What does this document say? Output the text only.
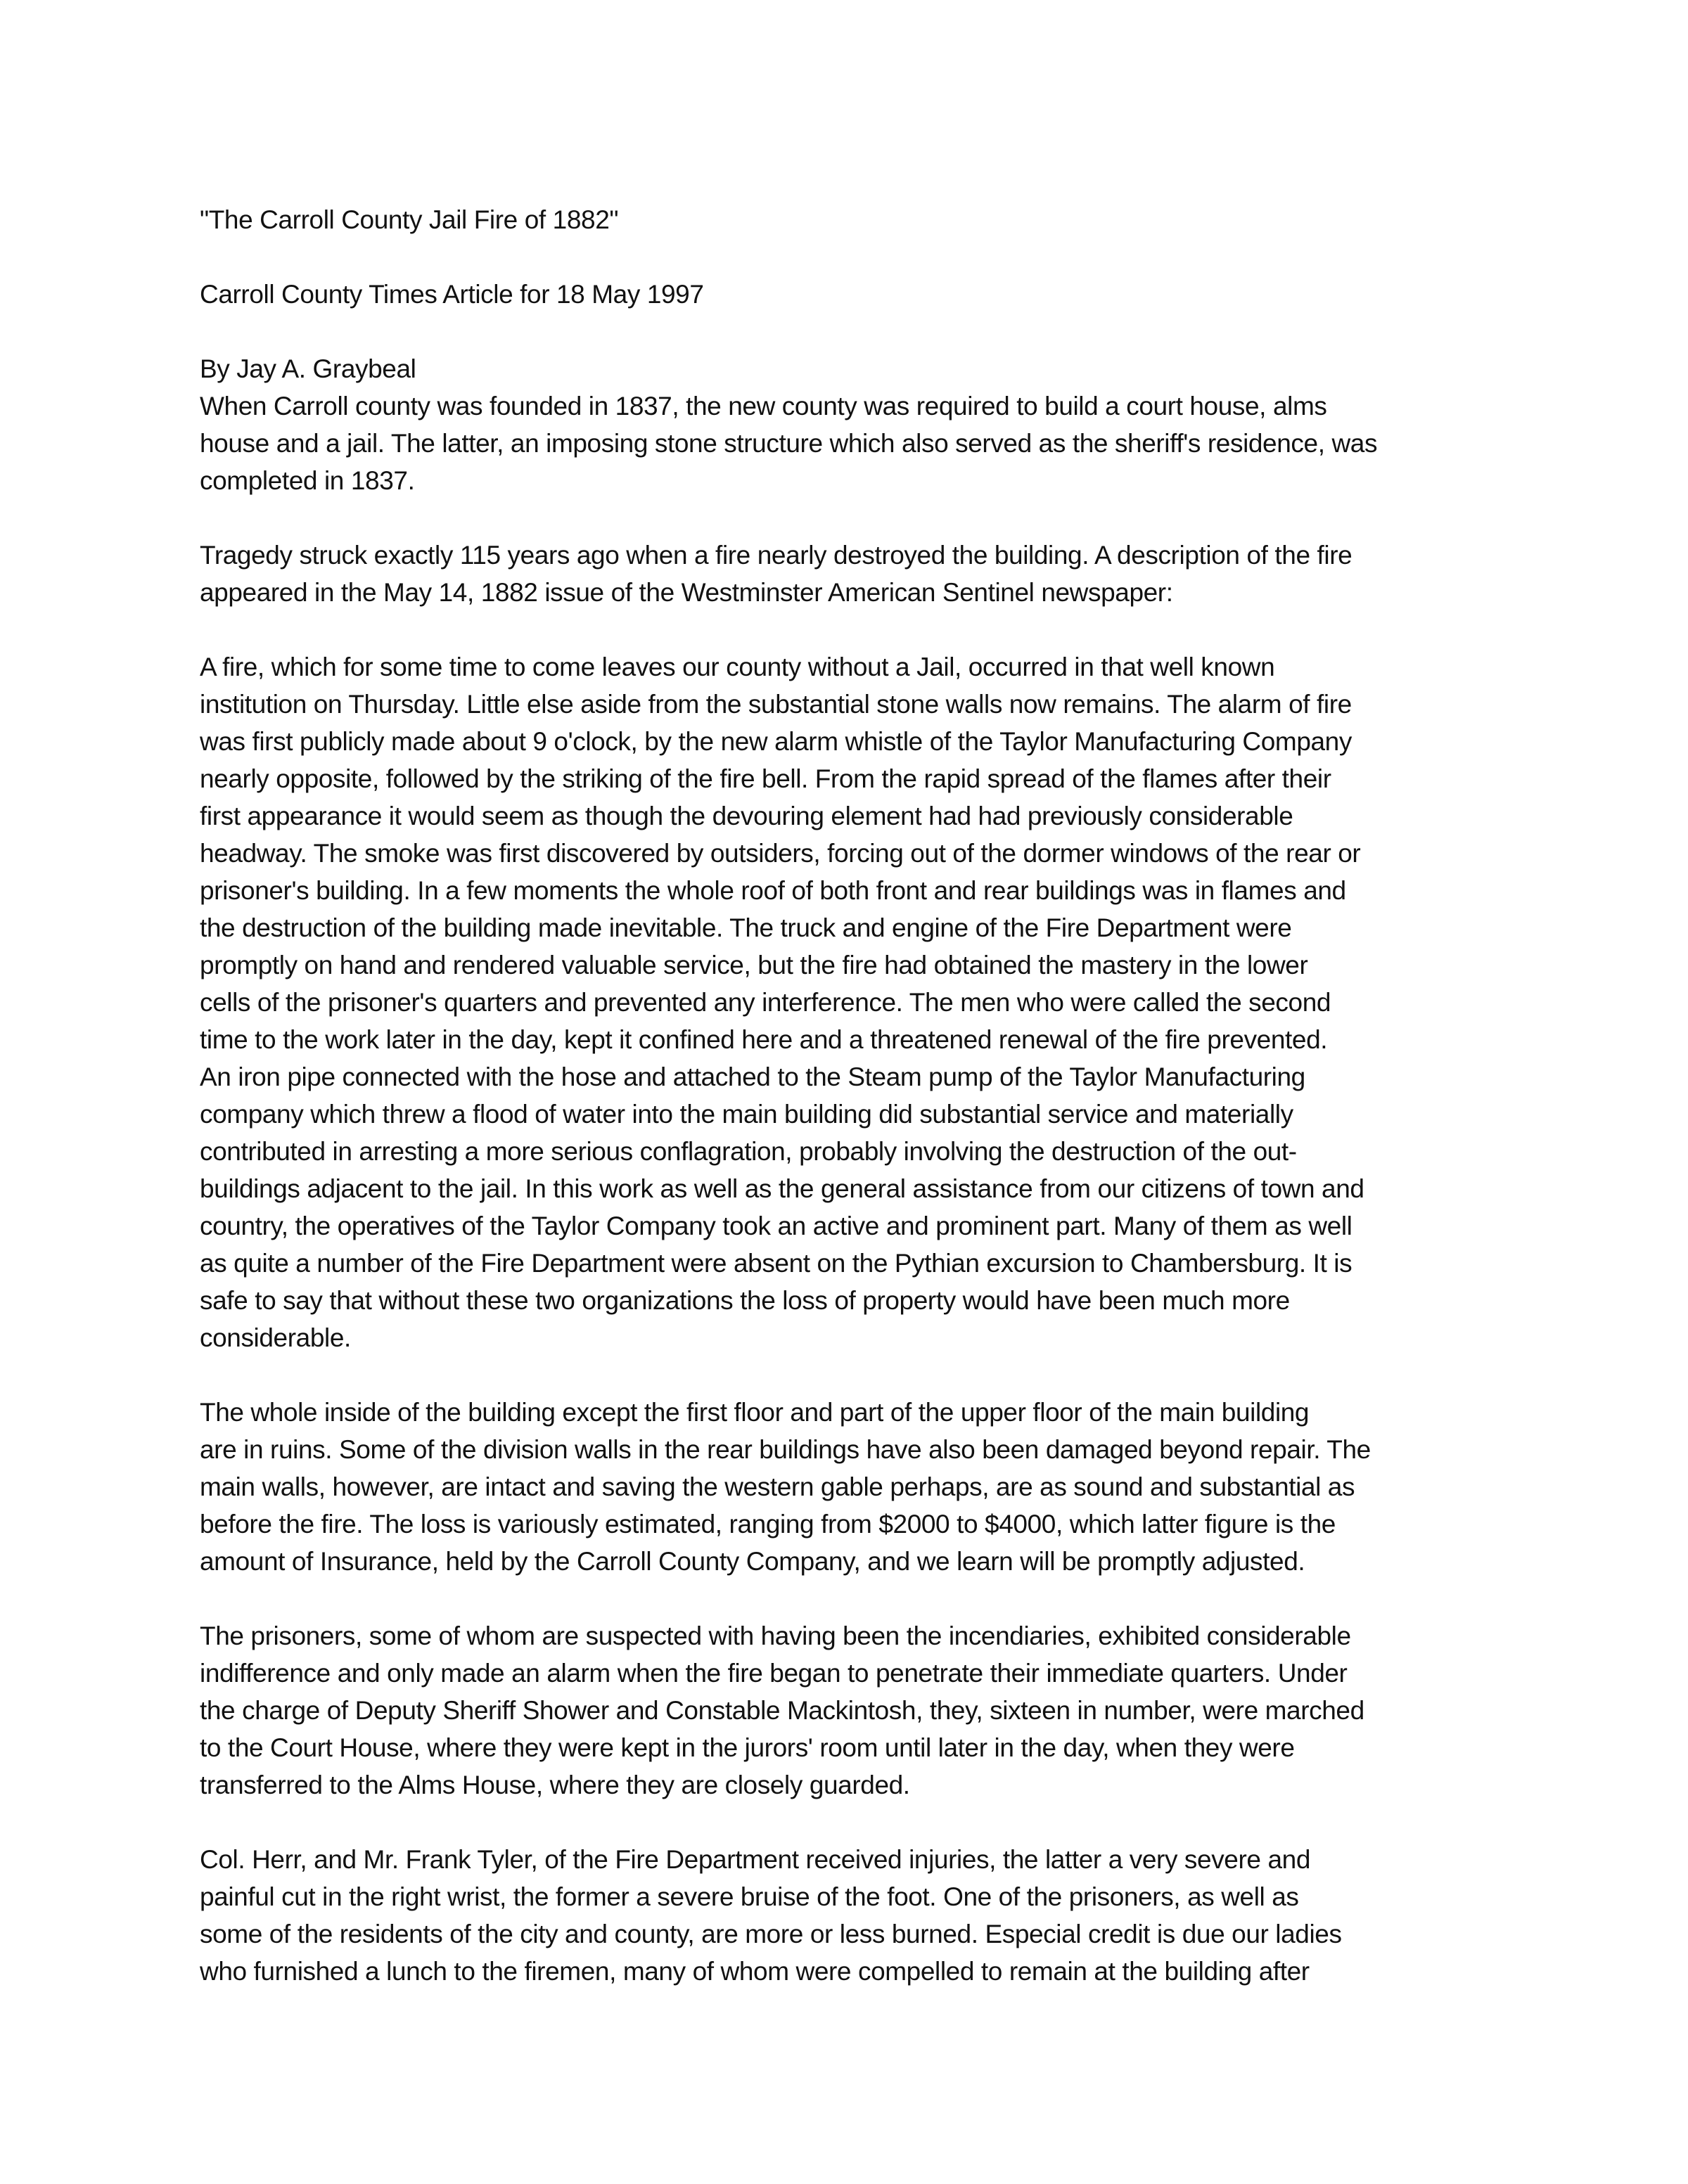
"The Carroll County Jail Fire of 1882"
Carroll County Times Article for 18 May 1997
By Jay A. Graybeal
When Carroll county was founded in 1837, the new county was required to build a court house, alms
house and a jail. The latter, an imposing stone structure which also served as the sheriff's residence, was
completed in 1837.
Tragedy struck exactly 115 years ago when a fire nearly destroyed the building. A description of the fire
appeared in the May 14, 1882 issue of the Westminster American Sentinel newspaper:
A fire, which for some time to come leaves our county without a Jail, occurred in that well known
institution on Thursday. Little else aside from the substantial stone walls now remains. The alarm of fire
was first publicly made about 9 o'clock, by the new alarm whistle of the Taylor Manufacturing Company
nearly opposite, followed by the striking of the fire bell. From the rapid spread of the flames after their
first appearance it would seem as though the devouring element had had previously considerable
headway. The smoke was first discovered by outsiders, forcing out of the dormer windows of the rear or
prisoner's building. In a few moments the whole roof of both front and rear buildings was in flames and
the destruction of the building made inevitable. The truck and engine of the Fire Department were
promptly on hand and rendered valuable service, but the fire had obtained the mastery in the lower
cells of the prisoner's quarters and prevented any interference. The men who were called the second
time to the work later in the day, kept it confined here and a threatened renewal of the fire prevented.
An iron pipe connected with the hose and attached to the Steam pump of the Taylor Manufacturing
company which threw a flood of water into the main building did substantial service and materially
contributed in arresting a more serious conflagration, probably involving the destruction of the out-
buildings adjacent to the jail. In this work as well as the general assistance from our citizens of town and
country, the operatives of the Taylor Company took an active and prominent part. Many of them as well
as quite a number of the Fire Department were absent on the Pythian excursion to Chambersburg. It is
safe to say that without these two organizations the loss of property would have been much more
considerable.
The whole inside of the building except the first floor and part of the upper floor of the main building
are in ruins. Some of the division walls in the rear buildings have also been damaged beyond repair. The
main walls, however, are intact and saving the western gable perhaps, are as sound and substantial as
before the fire. The loss is variously estimated, ranging from $2000 to $4000, which latter figure is the
amount of Insurance, held by the Carroll County Company, and we learn will be promptly adjusted.
The prisoners, some of whom are suspected with having been the incendiaries, exhibited considerable
indifference and only made an alarm when the fire began to penetrate their immediate quarters. Under
the charge of Deputy Sheriff Shower and Constable Mackintosh, they, sixteen in number, were marched
to the Court House, where they were kept in the jurors' room until later in the day, when they were
transferred to the Alms House, where they are closely guarded.
Col. Herr, and Mr. Frank Tyler, of the Fire Department received injuries, the latter a very severe and
painful cut in the right wrist, the former a severe bruise of the foot. One of the prisoners, as well as
some of the residents of the city and county, are more or less burned. Especial credit is due our ladies
who furnished a lunch to the firemen, many of whom were compelled to remain at the building after
